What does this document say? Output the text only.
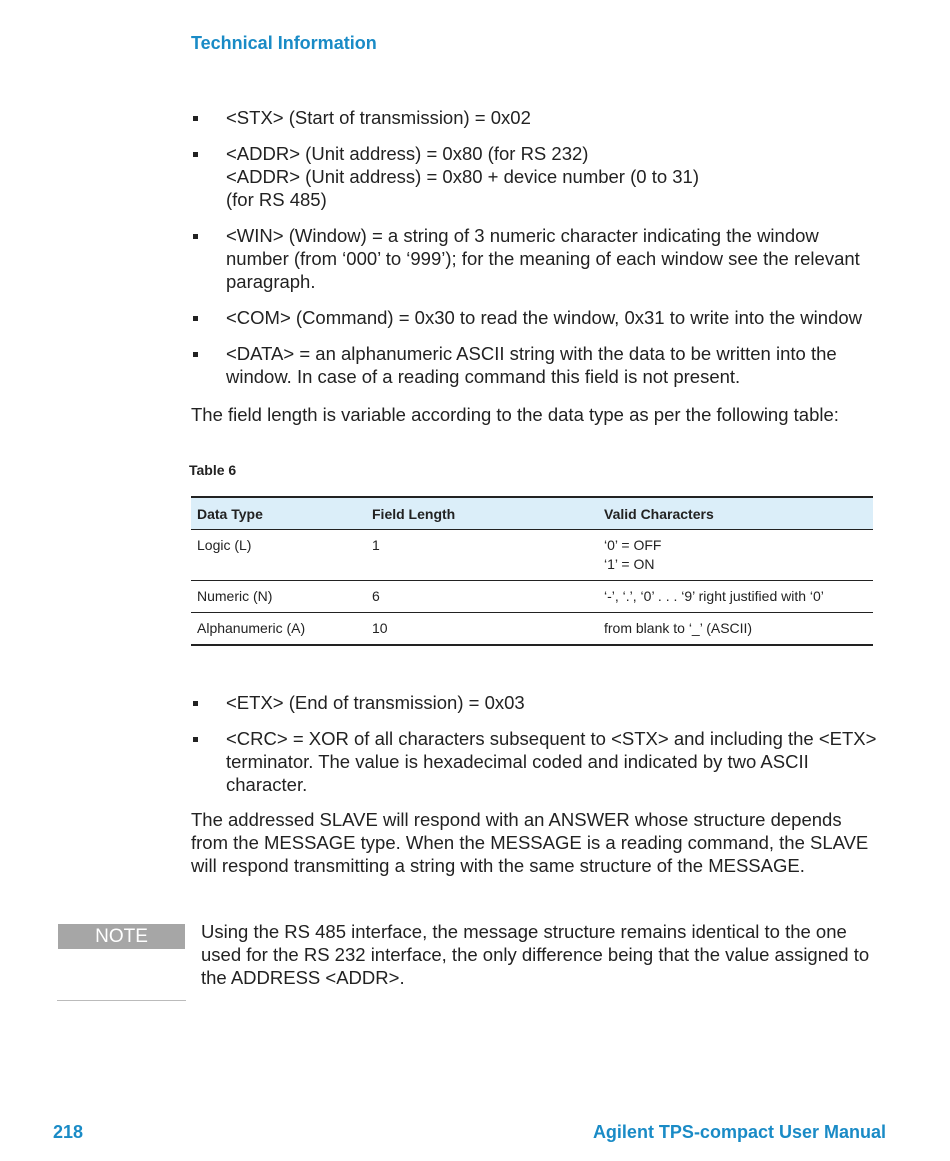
Technical Information
<STX> (Start of transmission) = 0x02
<ADDR> (Unit address) = 0x80 (for RS 232)
<ADDR> (Unit address) = 0x80 + device number (0 to 31)
(for RS 485)
<WIN> (Window) = a string of 3 numeric character indicating the window
number (from ‘000’ to ‘999’); for the meaning of each window see the relevant
paragraph.
<COM> (Command) = 0x30 to read the window, 0x31 to write into the window
<DATA> = an alphanumeric ASCII string with the data to be written into the
window. In case of a reading command this field is not present.
The field length is variable according to the data type as per the following table:
Table 6
Data Type	Field Length	Valid Characters
Logic (L)	1	‘0’ = OFF
‘1’ = ON

Numeric (N)	6	‘-’, ‘.’, ‘0’ . . . ‘9’ right justified with ‘0’

Alphanumeric (A)	10	from blank to ‘_’ (ASCII)
<ETX> (End of transmission) = 0x03
<CRC> = XOR of all characters subsequent to <STX> and including the <ETX>
terminator. The value is hexadecimal coded and indicated by two ASCII
character.
The addressed SLAVE will respond with an ANSWER whose structure depends
from the MESSAGE type. When the MESSAGE is a reading command, the SLAVE
will respond transmitting a string with the same structure of the MESSAGE.
NOTE	Using the RS 485 interface, the message structure remains identical to the one
used for the RS 232 interface, the only difference being that the value assigned to
the ADDRESS <ADDR>.
218	Agilent TPS-compact User Manual
